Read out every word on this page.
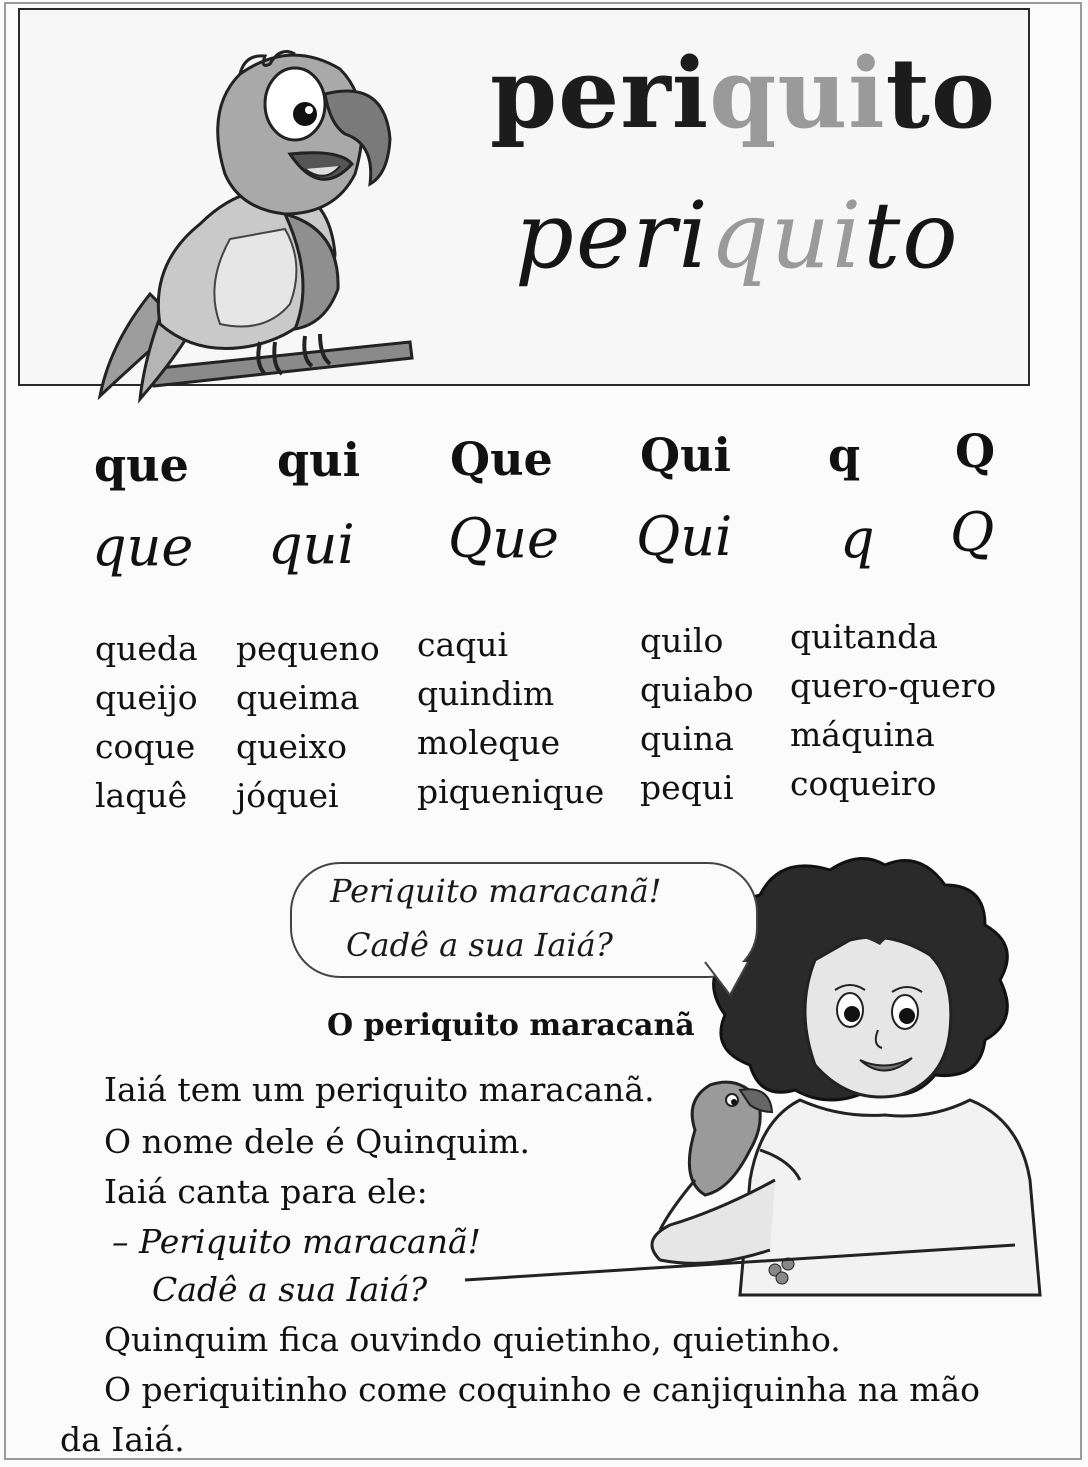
periquito
periquito
que qui Que Qui q Q
que qui Que Qui q Q
queda
queijo
coque
laquê
pequeno
queima
queixo
jóquei
caqui
quindim
moleque
piquenique
quilo
quiabo
quina
pequi
quitanda
quero-quero
máquina
coqueiro
Periquito maracanã!
Cadê a sua Iaiá?
O periquito maracanã
Iaiá tem um periquito maracanã.
O nome dele é Quinquim.
Iaiá canta para ele:
– Periquito maracanã!
Cadê a sua Iaiá?
Quinquim fica ouvindo quietinho, quietinho.
O periquitinho come coquinho e canjiquinha na mão
da Iaiá.
